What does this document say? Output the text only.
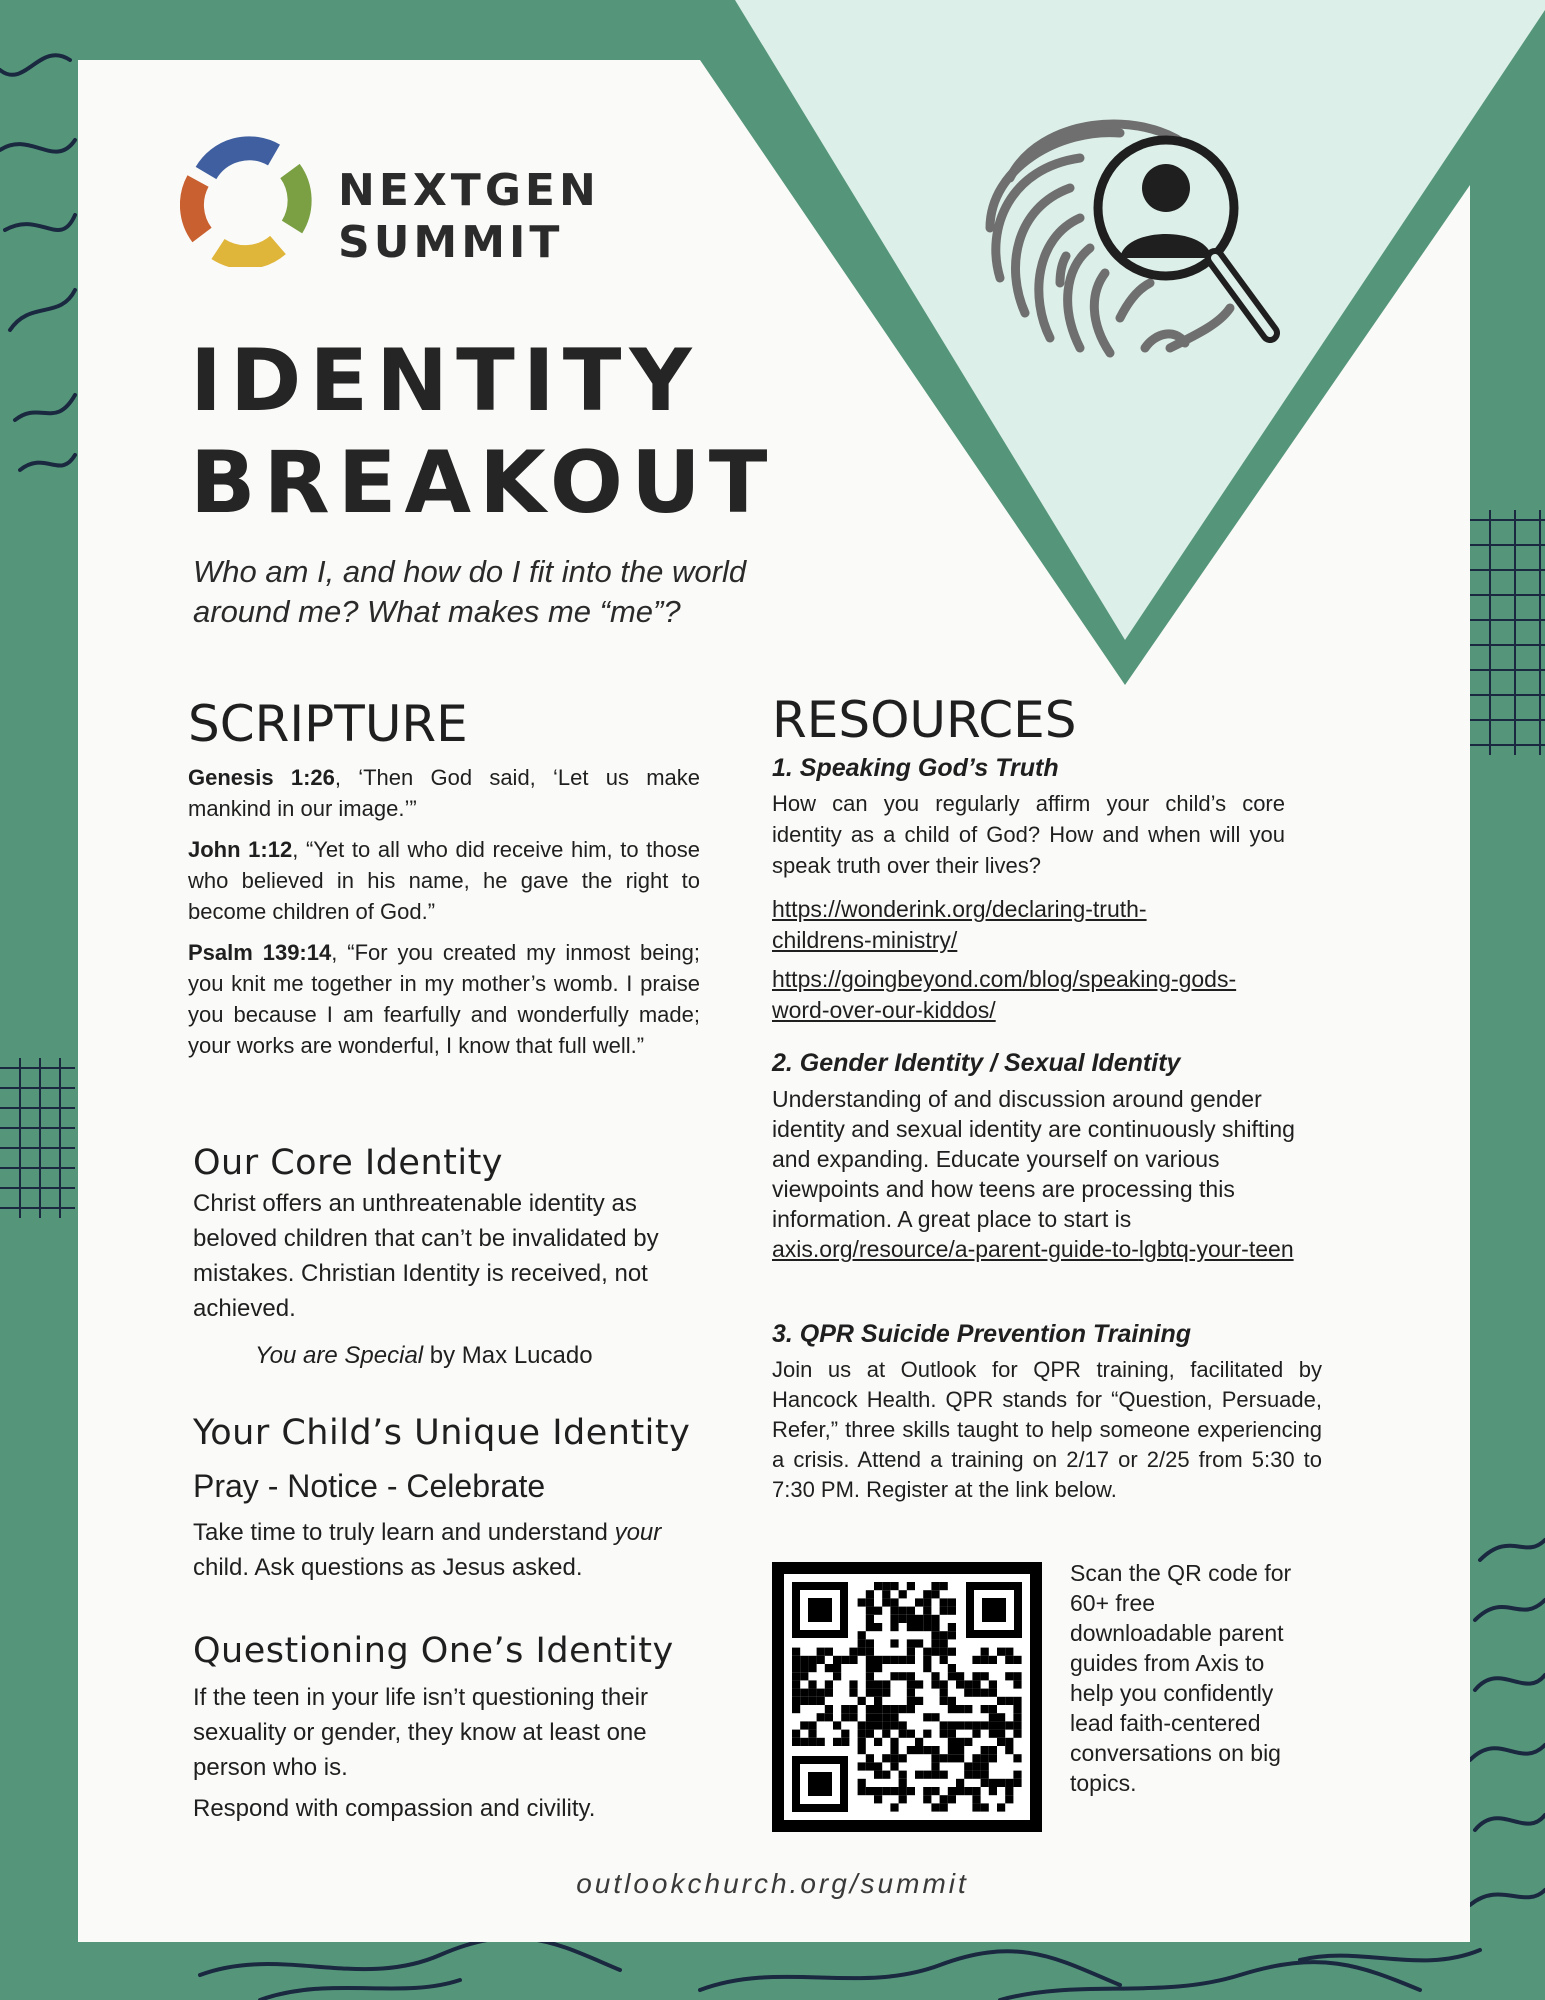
NEXTGEN
SUMMIT
IDENTITY
BREAKOUT
Who am I, and how do I fit into the world
around me? What makes me “me”?
SCRIPTURE
Genesis 1:26, ‘Then God said, ‘Let us make mankind in our image.’”
John 1:12, “Yet to all who did receive him, to those who believed in his name, he gave the right to become children of God.”
Psalm 139:14, “For you created my inmost being; you knit me together in my mother’s womb. I praise you because I am fearfully and wonderfully made; your works are wonderful, I know that full well.”
Our Core Identity
Christ offers an unthreatenable identity as beloved children that can’t be invalidated by mistakes. Christian Identity is received, not achieved.
You are Special by Max Lucado
Your Child’s Unique Identity
Pray - Notice - Celebrate
Take time to truly learn and understand your child. Ask questions as Jesus asked.
Questioning One’s Identity
If the teen in your life isn’t questioning their sexuality or gender, they know at least one person who is.
Respond with compassion and civility.
RESOURCES
1. Speaking God’s Truth
How can you regularly affirm your child’s core identity as a child of God? How and when will you speak truth over their lives?
https://wonderink.org/declaring-truth-
childrens-ministry/
https://goingbeyond.com/blog/speaking-gods-
word-over-our-kiddos/
2. Gender Identity / Sexual Identity
Understanding of and discussion around gender identity and sexual identity are continuously shifting and expanding. Educate yourself on various viewpoints and how teens are processing this information. A great place to start is axis.org/resource/a-parent-guide-to-lgbtq-your-teen
3. QPR Suicide Prevention Training
Join us at Outlook for QPR training, facilitated by Hancock Health. QPR stands for “Question, Persuade, Refer,” three skills taught to help someone experiencing a crisis. Attend a training on 2/17 or 2/25 from 5:30 to 7:30 PM. Register at the link below.
Scan the QR code for 60+ free downloadable parent guides from Axis to help you confidently lead faith-centered conversations on big topics.
outlookchurch.org/summit
